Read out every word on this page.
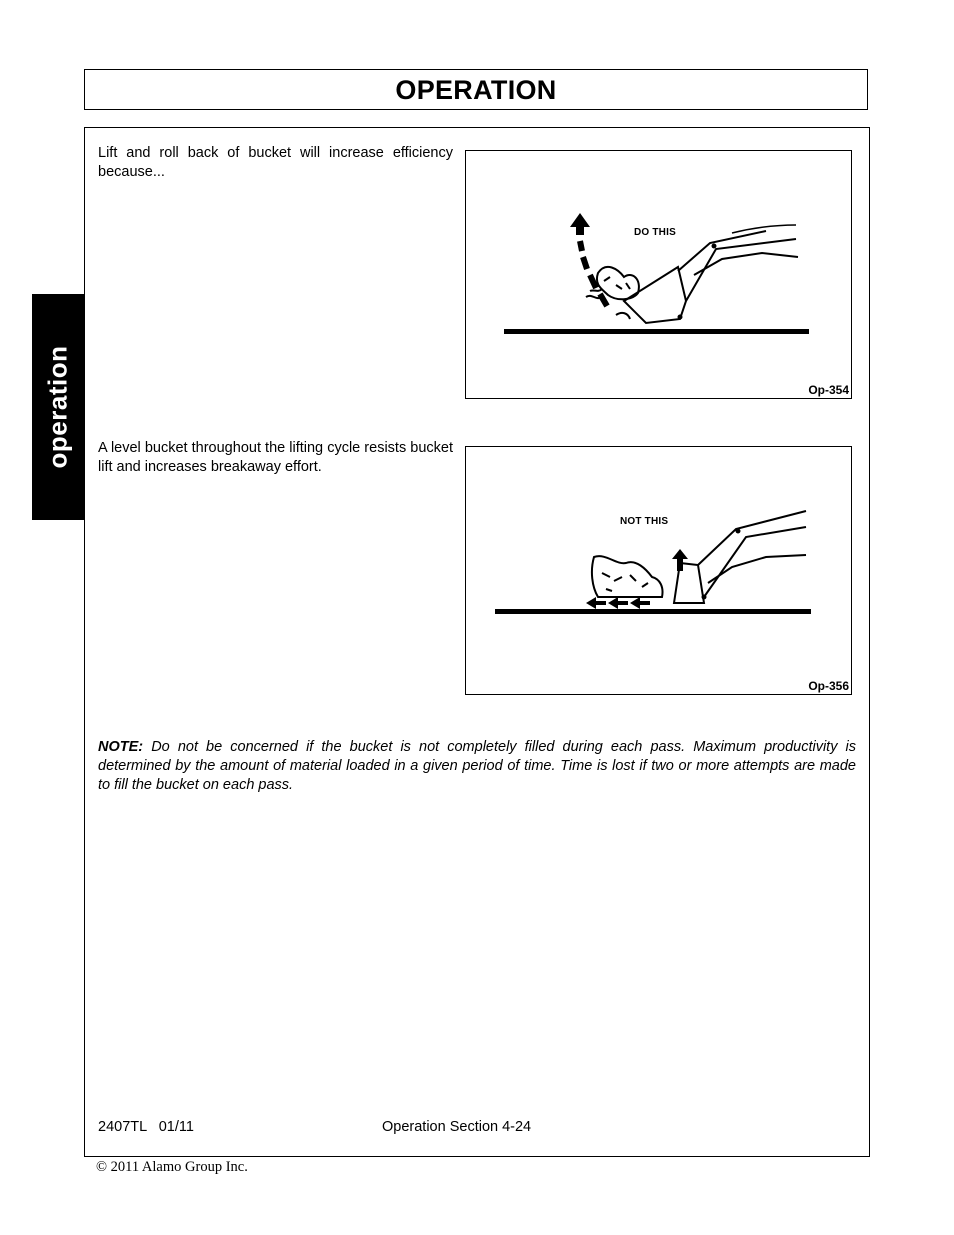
OPERATION
operation
Lift and roll back of bucket will increase efficiency because...
DO THIS
Op-354
A level bucket throughout the lifting cycle resists bucket lift and increases breakaway effort.
NOT THIS
Op-356
NOTE: Do not be concerned if the bucket is not completely filled during each pass. Maximum productivity is determined by the amount of material loaded in a given period of time. Time is lost if two or more attempts are made to fill the bucket on each pass.
2407TL   01/11	Operation Section 4-24
© 2011 Alamo Group Inc.
